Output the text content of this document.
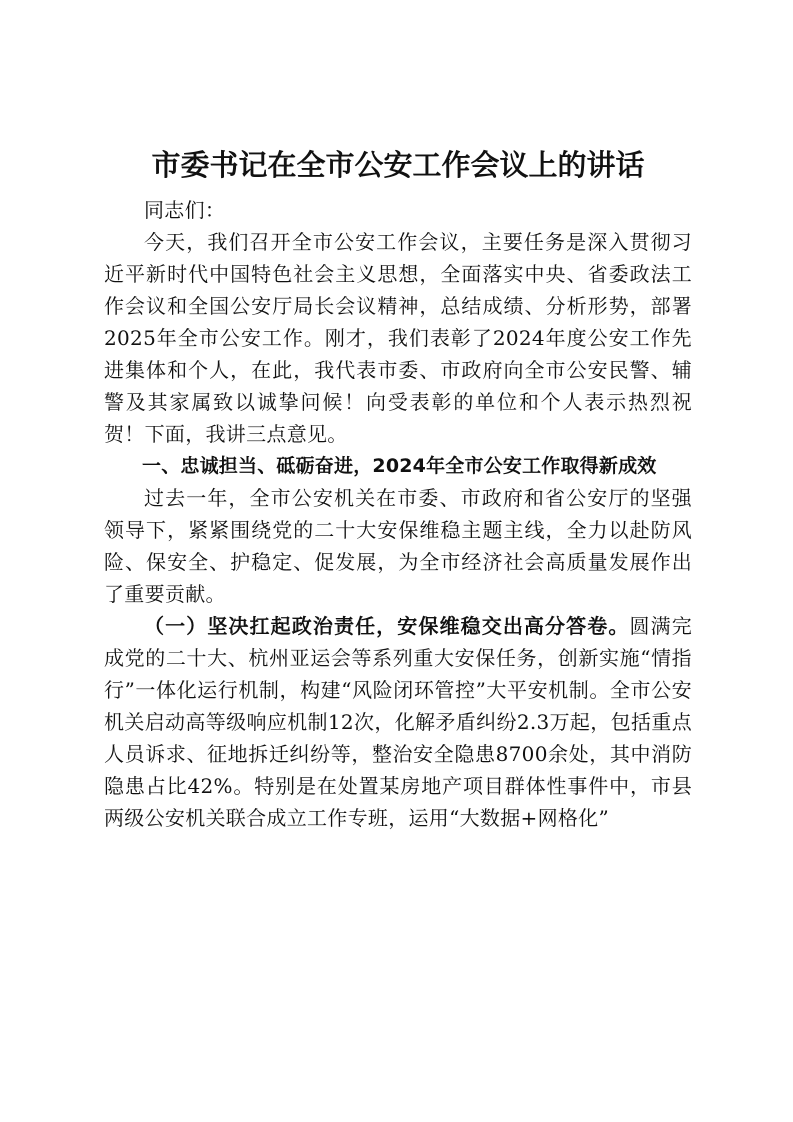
市委书记在全市公安工作会议上的讲话

同志们：

今天，我们召开全市公安工作会议，主要任务是深入贯彻习近平新时代中国特色社会主义思想，全面落实中央、省委政法工作会议和全国公安厅局长会议精神，总结成绩、分析形势，部署2025年全市公安工作。刚才，我们表彰了2024年度公安工作先进集体和个人，在此，我代表市委、市政府向全市公安民警、辅警及其家属致以诚挚问候！向受表彰的单位和个人表示热烈祝贺！下面，我讲三点意见。

一、忠诚担当、砥砺奋进，2024年全市公安工作取得新成效

过去一年，全市公安机关在市委、市政府和省公安厅的坚强领导下，紧紧围绕党的二十大安保维稳主题主线，全力以赴防风险、保安全、护稳定、促发展，为全市经济社会高质量发展作出了重要贡献。

（一）坚决扛起政治责任，安保维稳交出高分答卷。圆满完成党的二十大、杭州亚运会等系列重大安保任务，创新实施“情指行”一体化运行机制，构建“风险闭环管控”大平安机制。全市公安机关启动高等级响应机制12次，化解矛盾纠纷2.3万起，包括重点人员诉求、征地拆迁纠纷等，整治安全隐患8700余处，其中消防隐患占比42%。特别是在处置某房地产项目群体性事件中，市县两级公安机关联合成立工作专班，运用“大数据+网格化”
